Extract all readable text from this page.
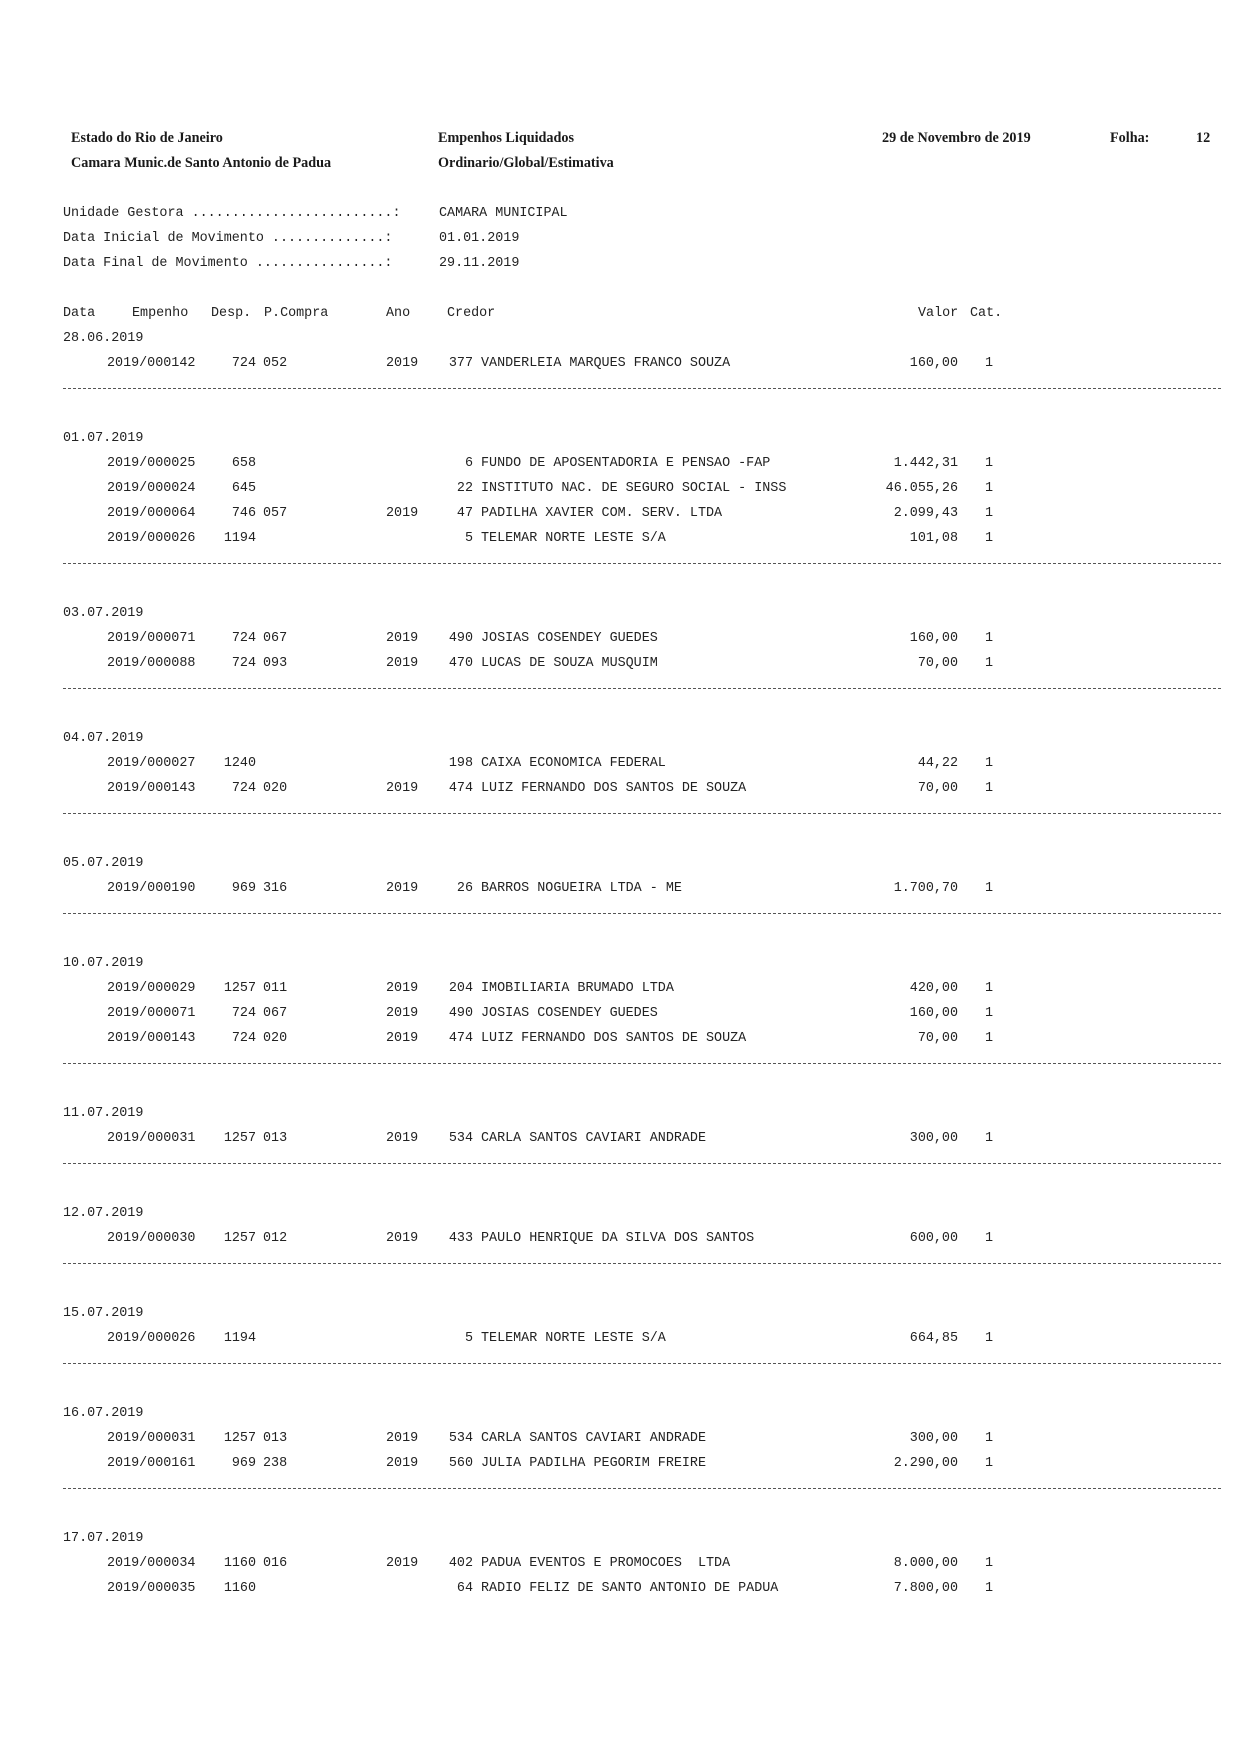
Estado do Rio de Janeiro
Camara Munic.de Santo Antonio de Padua
Empenhos Liquidados
Ordinario/Global/Estimativa
29 de Novembro de 2019	Folha:	12
Unidade Gestora .........................:	CAMARA MUNICIPAL
Data Inicial de Movimento ..............:	01.01.2019
Data Final de Movimento ................:	29.11.2019
Data	Empenho Desp. P.Compra	Ano	Credor	Valor Cat.
28.06.2019
2019/000142	724 052	2019	377 VANDERLEIA MARQUES FRANCO SOUZA	160,00 1
01.07.2019
2019/000025	658	6 FUNDO DE APOSENTADORIA E PENSAO -FAP	1.442,31 1
2019/000024	645	22 INSTITUTO NAC. DE SEGURO SOCIAL - INSS	46.055,26 1
2019/000064	746 057	2019	47 PADILHA XAVIER COM. SERV. LTDA	2.099,43 1
2019/000026	1194	5 TELEMAR NORTE LESTE S/A	101,08 1
03.07.2019
2019/000071	724 067	2019	490 JOSIAS COSENDEY GUEDES	160,00 1
2019/000088	724 093	2019	470 LUCAS DE SOUZA MUSQUIM	70,00 1
04.07.2019
2019/000027	1240	198 CAIXA ECONOMICA FEDERAL	44,22 1
2019/000143	724 020	2019	474 LUIZ FERNANDO DOS SANTOS DE SOUZA	70,00 1
05.07.2019
2019/000190	969 316	2019	26 BARROS NOGUEIRA LTDA - ME	1.700,70 1
10.07.2019
2019/000029	1257 011	2019	204 IMOBILIARIA BRUMADO LTDA	420,00 1
2019/000071	724 067	2019	490 JOSIAS COSENDEY GUEDES	160,00 1
2019/000143	724 020	2019	474 LUIZ FERNANDO DOS SANTOS DE SOUZA	70,00 1
11.07.2019
2019/000031	1257 013	2019	534 CARLA SANTOS CAVIARI ANDRADE	300,00 1
12.07.2019
2019/000030	1257 012	2019	433 PAULO HENRIQUE DA SILVA DOS SANTOS	600,00 1
15.07.2019
2019/000026	1194	5 TELEMAR NORTE LESTE S/A	664,85 1
16.07.2019
2019/000031	1257 013	2019	534 CARLA SANTOS CAVIARI ANDRADE	300,00 1
2019/000161	969 238	2019	560 JULIA PADILHA PEGORIM FREIRE	2.290,00 1
17.07.2019
2019/000034	1160 016	2019	402 PADUA EVENTOS E PROMOCOES  LTDA	8.000,00 1
2019/000035	1160	64 RADIO FELIZ DE SANTO ANTONIO DE PADUA	7.800,00 1
